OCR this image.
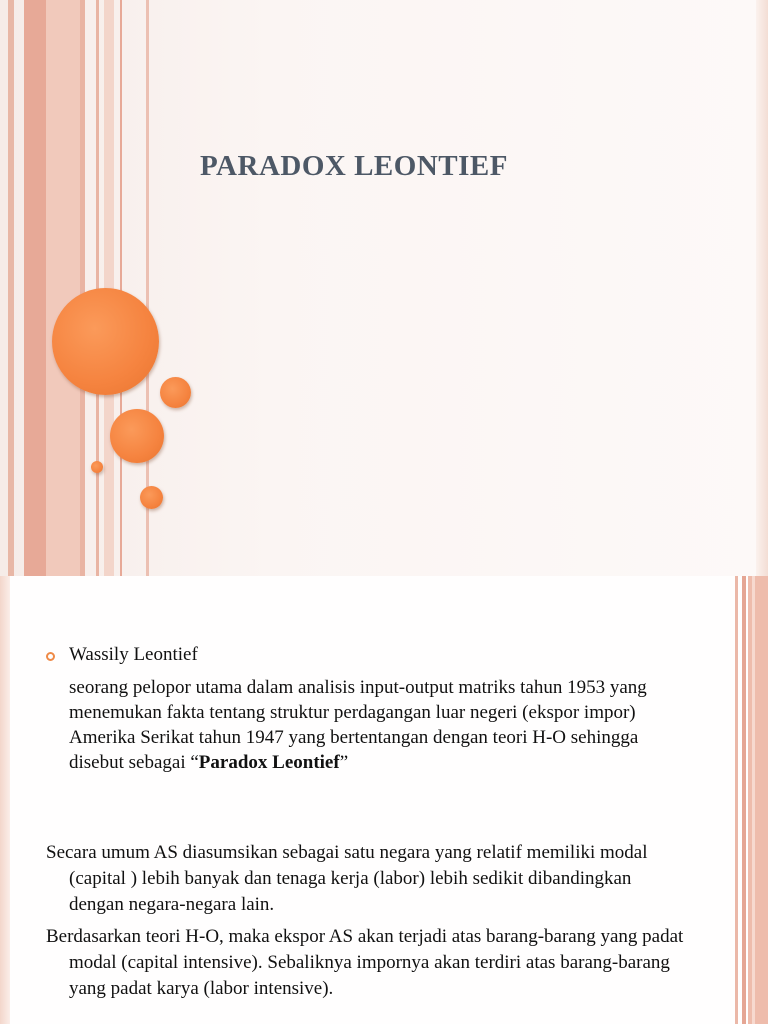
PARADOX LEONTIEF
Wassily Leontief

seorang pelopor utama dalam analisis input-output matriks tahun 1953 yang menemukan fakta tentang struktur perdagangan luar negeri (ekspor impor) Amerika Serikat tahun 1947 yang bertentangan dengan teori H-O sehingga disebut sebagai “Paradox Leontief”

Secara umum AS diasumsikan sebagai satu negara yang relatif memiliki modal (capital ) lebih banyak dan tenaga kerja (labor) lebih sedikit dibandingkan dengan negara-negara lain.

Berdasarkan teori H-O, maka ekspor AS akan terjadi atas barang-barang yang padat modal (capital intensive). Sebaliknya impornya akan terdiri atas barang-barang yang padat karya (labor intensive).
